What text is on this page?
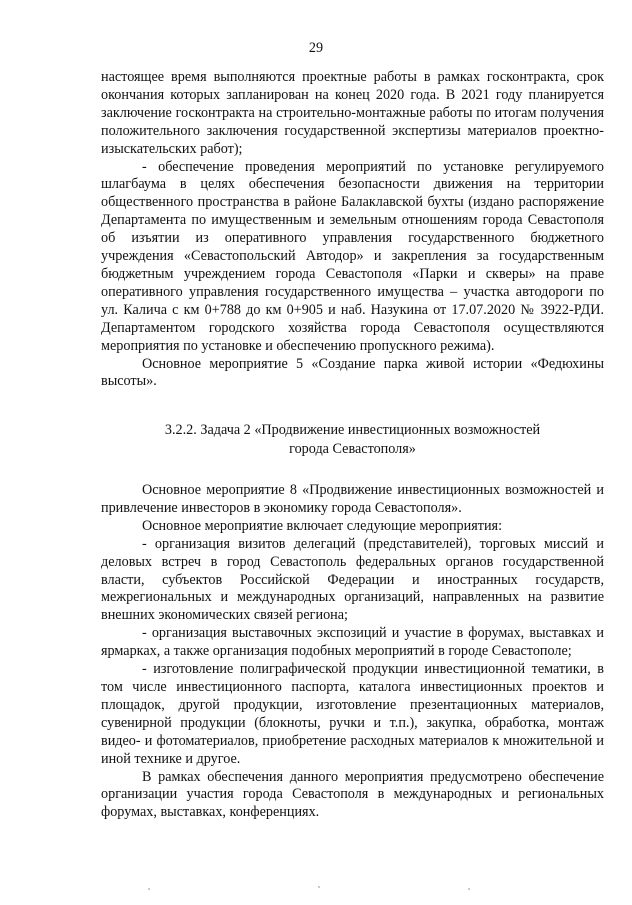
29

настоящее время выполняются проектные работы в рамках госконтракта, срок окончания которых запланирован на конец 2020 года. В 2021 году планируется заключение госконтракта на строительно-монтажные работы по итогам получения положительного заключения государственной экспертизы материалов проектно-изыскательских работ);

- обеспечение проведения мероприятий по установке регулируемого шлагбаума в целях обеспечения безопасности движения на территории общественного пространства в районе Балаклавской бухты (издано распоряжение Департамента по имущественным и земельным отношениям города Севастополя об изъятии из оперативного управления государственного бюджетного учреждения «Севастопольский Автодор» и закрепления за государственным бюджетным учреждением города Севастополя «Парки и скверы» на праве оперативного управления государственного имущества – участка автодороги по ул. Калича с км 0+788 до км 0+905 и наб. Назукина от 17.07.2020 № 3922-РДИ. Департаментом городского хозяйства города Севастополя осуществляются мероприятия по установке и обеспечению пропускного режима).

Основное мероприятие 5 «Создание парка живой истории «Федюхины высоты».

3.2.2. Задача 2 «Продвижение инвестиционных возможностей
города Севастополя»

Основное мероприятие 8 «Продвижение инвестиционных возможностей и привлечение инвесторов в экономику города Севастополя».

Основное мероприятие включает следующие мероприятия:

- организация визитов делегаций (представителей), торговых миссий и деловых встреч в город Севастополь федеральных органов государственной власти, субъектов Российской Федерации и иностранных государств, межрегиональных и международных организаций, направленных на развитие внешних экономических связей региона;

- организация выставочных экспозиций и участие в форумах, выставках и ярмарках, а также организация подобных мероприятий в городе Севастополе;

- изготовление полиграфической продукции инвестиционной тематики, в том числе инвестиционного паспорта, каталога инвестиционных проектов и площадок, другой продукции, изготовление презентационных материалов, сувенирной продукции (блокноты, ручки и т.п.), закупка, обработка, монтаж видео- и фотоматериалов, приобретение расходных материалов к множительной и иной технике и другое.

В рамках обеспечения данного мероприятия предусмотрено обеспечение организации участия города Севастополя в международных и региональных форумах, выставках, конференциях.
